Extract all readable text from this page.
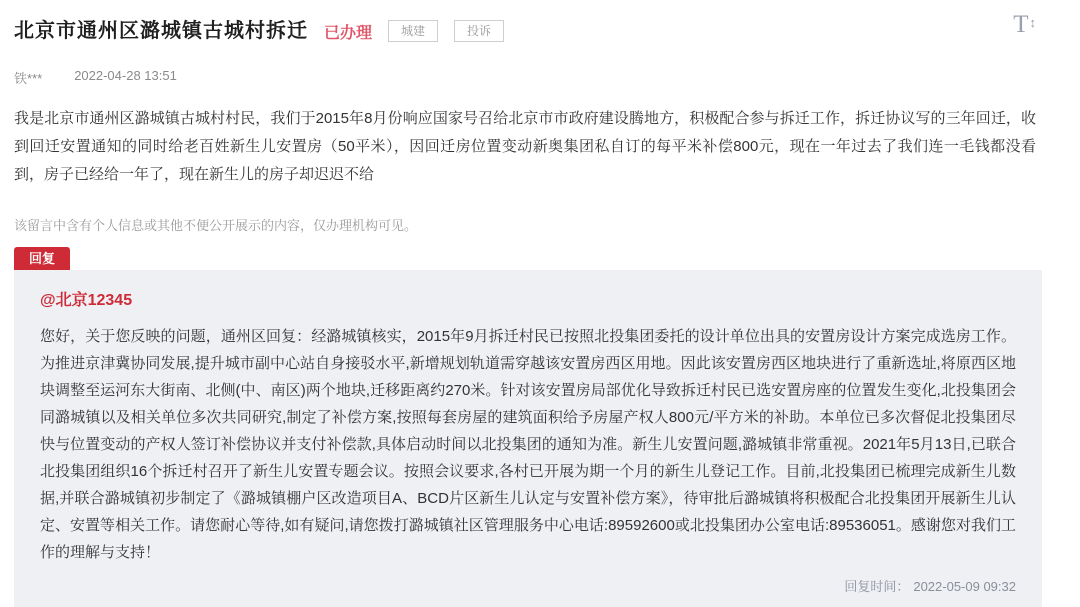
北京市通州区潞城镇古城村拆迁 已办理	城建	投诉	T ↕
铁*** 2022-04-28 13:51
我是北京市通州区潞城镇古城村村民，我们于2015年8月份响应国家号召给北京市市政府建设腾地方，积极配合参与拆迁工作，拆迁协议写的三年回迁，收到回迁安置通知的同时给老百姓新生儿安置房（50平米），因回迁房位置变动新奥集团私自订的每平米补偿800元，现在一年过去了我们连一毛钱都没看到，房子已经给一年了，现在新生儿的房子却迟迟不给
该留言中含有个人信息或其他不便公开展示的内容，仅办理机构可见。
回复
@北京12345
您好，关于您反映的问题，通州区回复：经潞城镇核实，2015年9月拆迁村民已按照北投集团委托的设计单位出具的安置房设计方案完成选房工作。为推进京津冀协同发展,提升城市副中心站自身接驳水平,新增规划轨道需穿越该安置房西区用地。因此该安置房西区地块进行了重新选址,将原西区地块调整至运河东大街南、北侧(中、南区)两个地块,迁移距离约270米。针对该安置房局部优化导致拆迁村民已选安置房座的位置发生变化,北投集团会同潞城镇以及相关单位多次共同研究,制定了补偿方案,按照每套房屋的建筑面积给予房屋产权人800元/平方米的补助。本单位已多次督促北投集团尽快与位置变动的产权人签订补偿协议并支付补偿款,具体启动时间以北投集团的通知为准。新生儿安置问题,潞城镇非常重视。2021年5月13日,已联合北投集团组织16个拆迁村召开了新生儿安置专题会议。按照会议要求,各村已开展为期一个月的新生儿登记工作。目前,北投集团已梳理完成新生儿数据,并联合潞城镇初步制定了《潞城镇棚户区改造项目A、BCD片区新生儿认定与安置补偿方案》，待审批后潞城镇将积极配合北投集团开展新生儿认定、安置等相关工作。请您耐心等待,如有疑问,请您拨打潞城镇社区管理服务中心电话:89592600或北投集团办公室电话:89536051。感谢您对我们工作的理解与支持！
回复时间： 2022-05-09 09:32
